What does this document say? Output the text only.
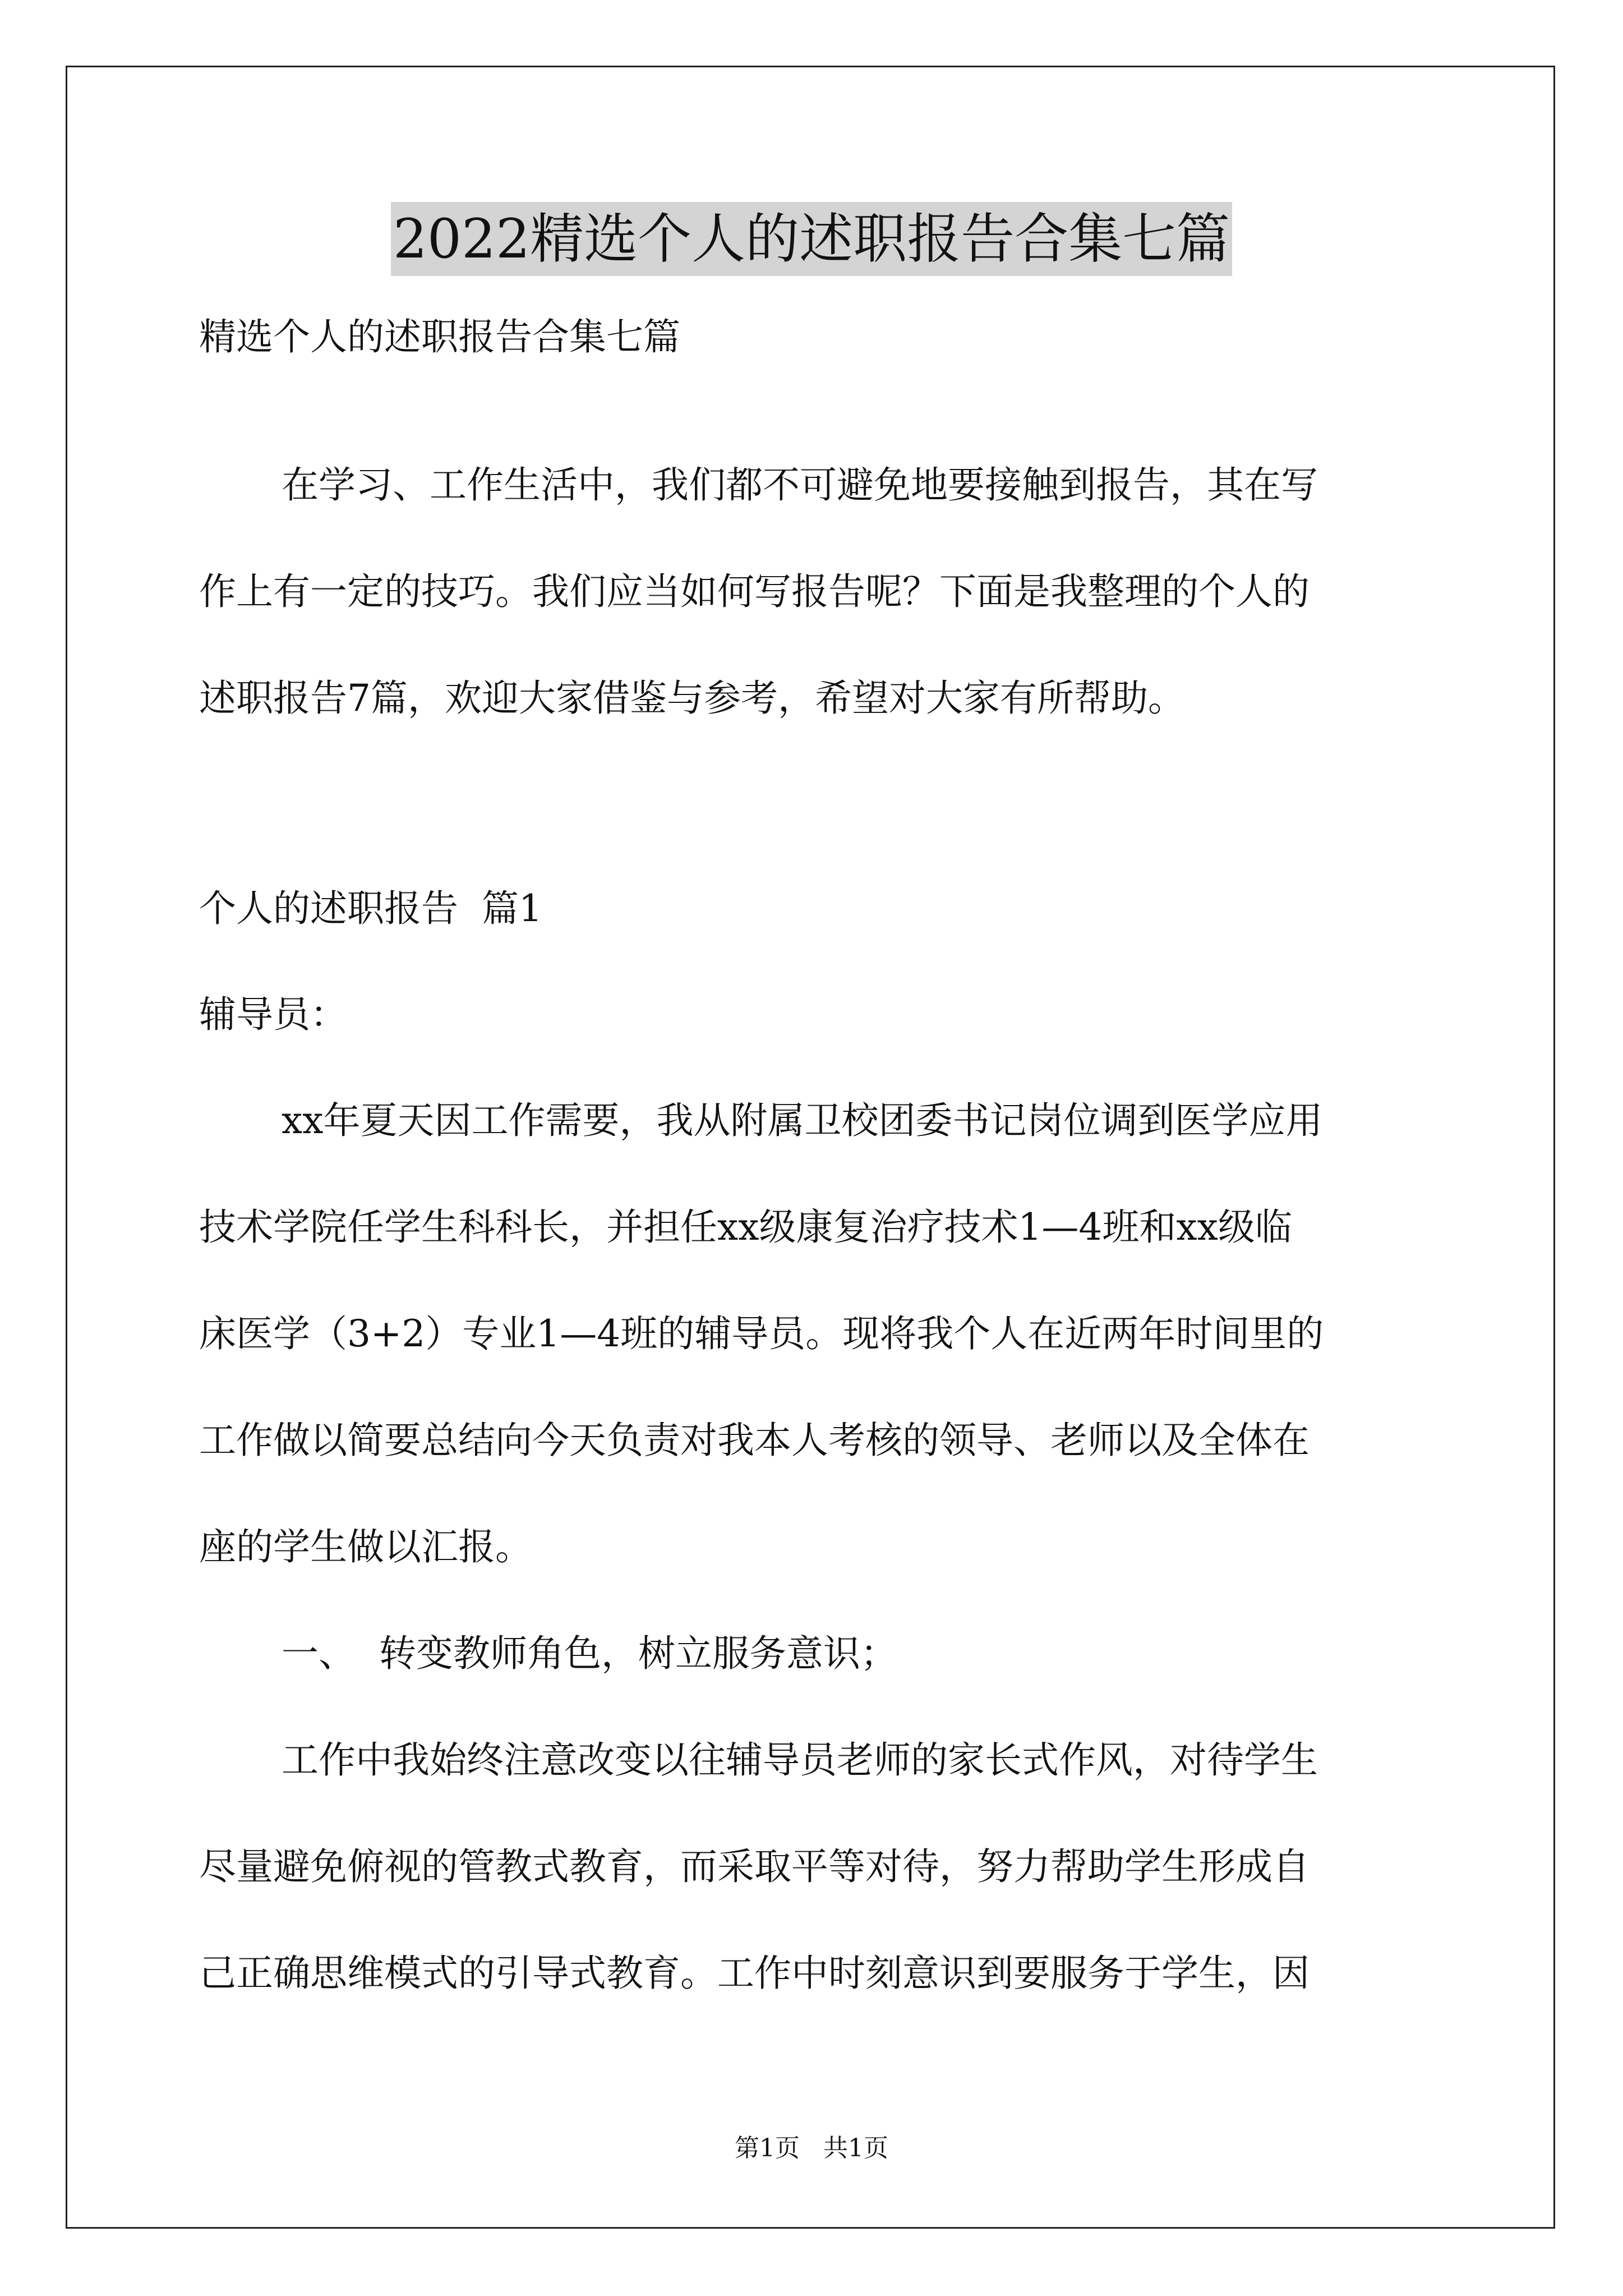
2022精选个人的述职报告合集七篇
精选个人的述职报告合集七篇
在学习、工作生活中，我们都不可避免地要接触到报告，其在写
作上有一定的技巧。我们应当如何写报告呢？下面是我整理的个人的
述职报告7篇，欢迎大家借鉴与参考，希望对大家有所帮助。
个人的述职报告  篇1
辅导员：
xx年夏天因工作需要，我从附属卫校团委书记岗位调到医学应用
技术学院任学生科科长，并担任xx级康复治疗技术1—4班和xx级临
床医学（3+2）专业1—4班的辅导员。现将我个人在近两年时间里的
工作做以简要总结向今天负责对我本人考核的领导、老师以及全体在
座的学生做以汇报。
一、  转变教师角色，树立服务意识；
工作中我始终注意改变以往辅导员老师的家长式作风，对待学生
尽量避免俯视的管教式教育，而采取平等对待，努力帮助学生形成自
己正确思维模式的引导式教育。工作中时刻意识到要服务于学生，因
第1页   共1页
